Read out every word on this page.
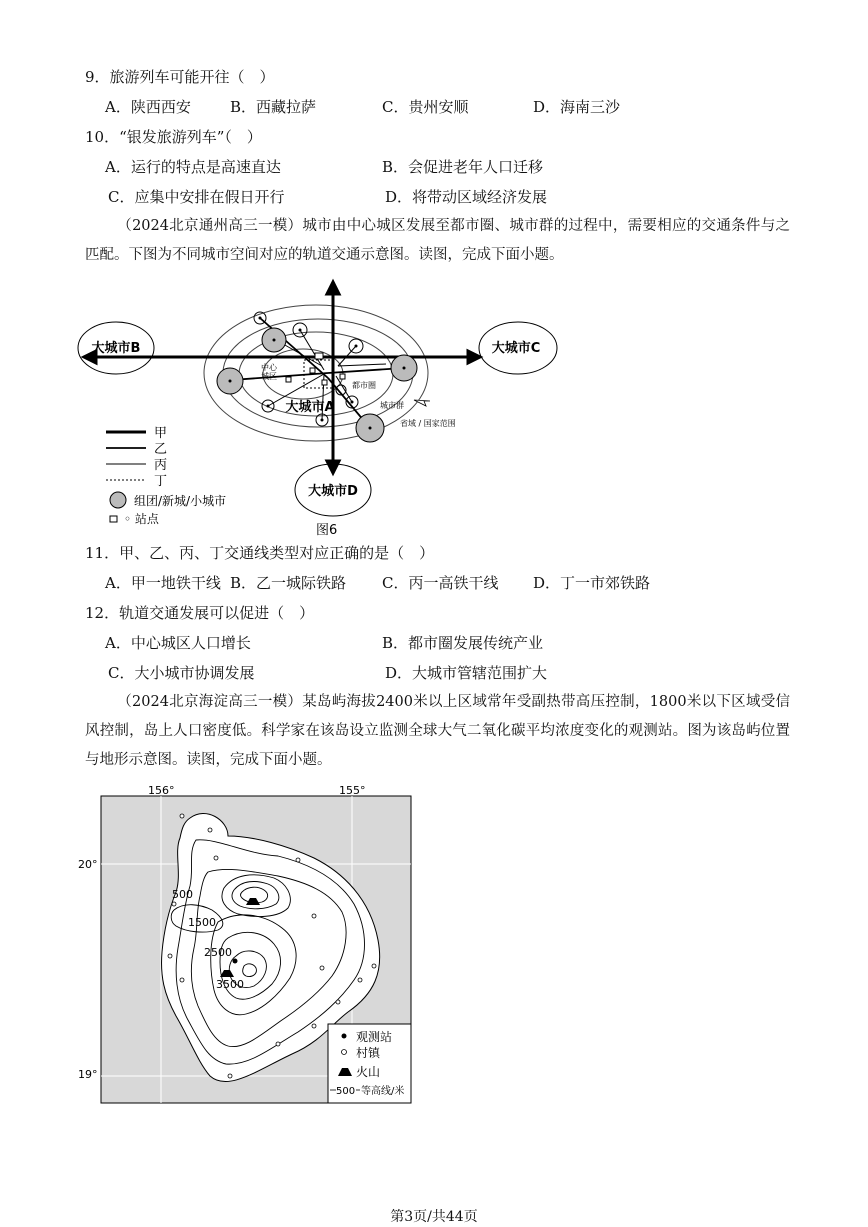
9．旅游列车可能开往（　）
A．陕西西安	B．西藏拉萨	C．贵州安顺	D．海南三沙
10．“银发旅游列车”（　）
A．运行的特点是高速直达	B．会促进老年人口迁移
C．应集中安排在假日开行	D．将带动区域经济发展
（2024北京通州高三一模）城市由中心城区发展至都市圈、城市群的过程中，需要相应的交通条件与之匹配。下图为不同城市空间对应的轨道交通示意图。读图，完成下面小题。
大城市B	大城市C
大城市D
大城市A
中心
城区
都市圈
城市群
省域 / 国家范围
甲
乙
丙
丁
组团/新城/小城市
◦ 站点
图6
11．甲、乙、丙、丁交通线类型对应正确的是（　）
A．甲一地铁干线 B．乙一城际铁路 C．丙一高铁干线 D．丁一市郊铁路
12．轨道交通发展可以促进（　）
A．中心城区人口增长	B．都市圈发展传统产业
C．大小城市协调发展	D．大城市管辖范围扩大
（2024北京海淀高三一模）某岛屿海拔2400米以上区域常年受副热带高压控制，1800米以下区域受信风控制，岛上人口密度低。科学家在该岛设立监测全球大气二氧化碳平均浓度变化的观测站。图为该岛屿位置与地形示意图。读图，完成下面小题。
156°	155°
20°
19°
500
1500
2500
3500
观测站
村镇
火山
500 等高线/米
第3页/共44页
